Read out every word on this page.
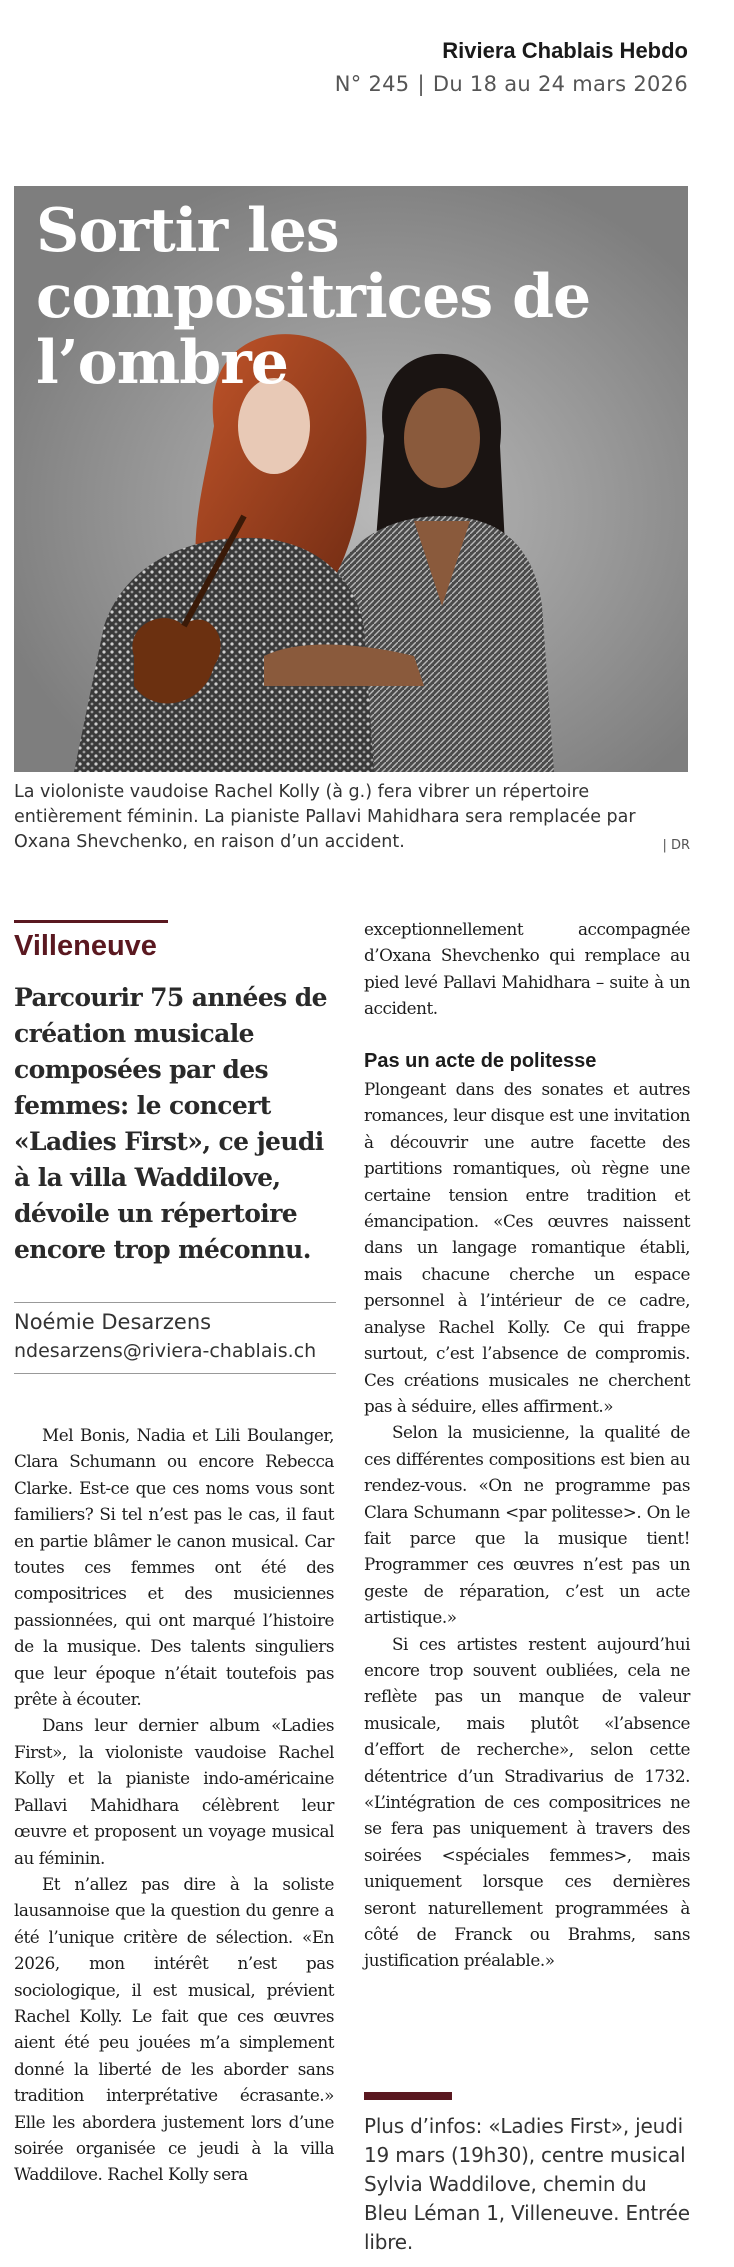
Riviera Chablais Hebdo
N° 245 | Du 18 au 24 mars 2026
Sortir les compositrices de l’ombre
La violoniste vaudoise Rachel Kolly (à g.) fera vibrer un répertoire entièrement féminin. La pianiste Pallavi Mahidhara sera remplacée par Oxana Shevchenko, en raison d’un accident.	| DR
Villeneuve
Parcourir 75 années de création musicale composées par des femmes: le concert «Ladies First», ce jeudi à la villa Waddilove, dévoile un répertoire encore trop méconnu.
Noémie Desarzens
ndesarzens@riviera-chablais.ch

Mel Bonis, Nadia et Lili Boulanger, Clara Schumann ou encore Rebecca Clarke. Est-ce que ces noms vous sont familiers? Si tel n’est pas le cas, il faut en partie blâmer le canon musical. Car toutes ces femmes ont été des compositrices et des musiciennes passionnées, qui ont marqué l’histoire de la musique. Des talents singuliers que leur époque n’était toutefois pas prête à écouter.

Dans leur dernier album «Ladies First», la violoniste vaudoise Rachel Kolly et la pianiste indo-américaine Pallavi Mahidhara célèbrent leur œuvre et proposent un voyage musical au féminin.

Et n’allez pas dire à la soliste lausannoise que la question du genre a été l’unique critère de sélection. «En 2026, mon intérêt n’est pas sociologique, il est musical, prévient Rachel Kolly. Le fait que ces œuvres aient été peu jouées m’a simplement donné la liberté de les aborder sans tradition interprétative écrasante.» Elle les abordera justement lors d’une soirée organisée ce jeudi à la villa Waddilove. Rachel Kolly sera

exceptionnellement accompagnée d’Oxana Shevchenko qui remplace au pied levé Pallavi Mahidhara – suite à un accident.

Pas un acte de politesse

Plongeant dans des sonates et autres romances, leur disque est une invitation à découvrir une autre facette des partitions romantiques, où règne une certaine tension entre tradition et émancipation. «Ces œuvres naissent dans un langage romantique établi, mais chacune cherche un espace personnel à l’intérieur de ce cadre, analyse Rachel Kolly. Ce qui frappe surtout, c’est l’absence de compromis. Ces créations musicales ne cherchent pas à séduire, elles affirment.»

Selon la musicienne, la qualité de ces différentes compositions est bien au rendez-vous. «On ne programme pas Clara Schumann <par politesse>. On le fait parce que la musique tient! Programmer ces œuvres n’est pas un geste de réparation, c’est un acte artistique.»

Si ces artistes restent aujourd’hui encore trop souvent oubliées, cela ne reflète pas un manque de valeur musicale, mais plutôt «l’absence d’effort de recherche», selon cette détentrice d’un Stradivarius de 1732. «L’intégration de ces compositrices ne se fera pas uniquement à travers des soirées <spéciales femmes>, mais uniquement lorsque ces dernières seront naturellement programmées à côté de Franck ou Brahms, sans justification préalable.»

Plus d’infos: «Ladies First», jeudi 19 mars (19h30), centre musical Sylvia Waddilove, chemin du Bleu Léman 1, Villeneuve. Entrée libre.
